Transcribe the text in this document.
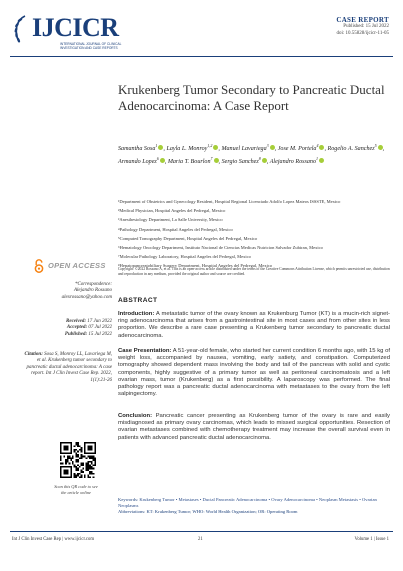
IJCICR
INTERNATIONAL JOURNAL OF CLINICAL INVESTIGATION AND CASE REPORTS
CASE REPORT
Published: 15 Jul 2022
doi: 10.55828/ijcicr-11-05
Krukenberg Tumor Secondary to Pancreatic Ductal Adenocarcinoma: A Case Report
Samantha Sosa$^1$, Layla L. Monroy$^{1,2}$, Manuel Lavariega$^3$, Jose M. Portela$^4$, Rogelio A. Sanchez$^5$, Armando Lopez$^6$, Maria T. Bourlon$^7$, Sergio Sanchez$^8$, Alejandro Rossano$^1$
¹Department of Obstetrics and Gynecology Resident, Hospital Regional Licenciado Adolfo Lopez Mateos ISSSTE, Mexico
²Medical Physician, Hospital Angeles del Pedregal, Mexico
³Anesthesiology Department, La Salle University, Mexico
⁴Pathology Department, Hospital Angeles del Pedregal, Mexico
⁵Computed Tomography Department, Hospital Angeles del Pedregal, Mexico
⁶Hematology Oncology Department, Instituto Nacional de Ciencias Medicas Nutricion Salvador Zubiran, Mexico
⁷Molecular Pathology Laboratory, Hospital Angeles del Pedregal, Mexico
⁸Hepatopancreatobiliary Surgery Department, Hospital Angeles del Pedregal, Mexico
OPEN ACCESS
*Correspondence:
Alejandro Rossano
alexrossano@yahoo.com
Received: 17 Jun 2022
Accepted: 07 Jul 2022
Published: 15 Jul 2022
Citation: Sosa S, Monroy LL, Lavariega M, et al. Krukenberg tumor secondary to pancreatic ductal adenocarcinoma: A case report. Int J Clin Invest Case Rep. 2022, 1(1):21-26
Copyright: ©2022 Rossano A, et al. This is an open-access article distributed under the terms of the Creative Commons Attribution License, which permits unrestricted use, distribution and reproduction in any medium, provided the original author and source are credited.
ABSTRACT
Introduction: A metastatic tumor of the ovary known as Krukenburg Tumor (KT) is a mucin-rich signet-ring adenocarcinoma that arises from a gastrointestinal site in most cases and from other sites in less proportion. We describe a rare case presenting a Krukenberg tumor secondary to pancreatic ductal adenocarcinoma.
Case Presentation: A 51-year-old female, who started her current condition 6 months ago, with 15 kg of weight loss, accompanied by nausea, vomiting, early satiety, and constipation. Computerized tomography showed dependent mass involving the body and tail of the pancreas with solid and cystic components, highly suggestive of a primary tumor as well as peritoneal carcinomatosis and a left ovarian mass, tumor (Krukenberg) as a first possibility. A laparoscopy was performed. The final pathology report was a pancreatic ductal adenocarcinoma with metastases to the ovary from the left salpingectomy.
Conclusion: Pancreatic cancer presenting as Krukenberg tumor of the ovary is rare and easily misdiagnosed as primary ovary carcinomas, which leads to missed surgical opportunities. Resection of ovarian metastases combined with chemotherapy treatment may increase the overall survival even in patients with advanced pancreatic ductal adenocarcinoma.
Scan this QR code to see the article online
Keywords: Krukenberg Tumor • Metastases • Ductal Pancreatic Adenocarcinoma • Ovary Adenocarcinoma • Neoplasm Metastasis • Ovarian Neoplasms
Abbreviations: KT: Krukenberg Tumor; WHO: World Health Organization; OR: Operating Room
Int J Clin Invest Case Rep | www.ijcicr.com	21	Volume 1 | Issue 1
